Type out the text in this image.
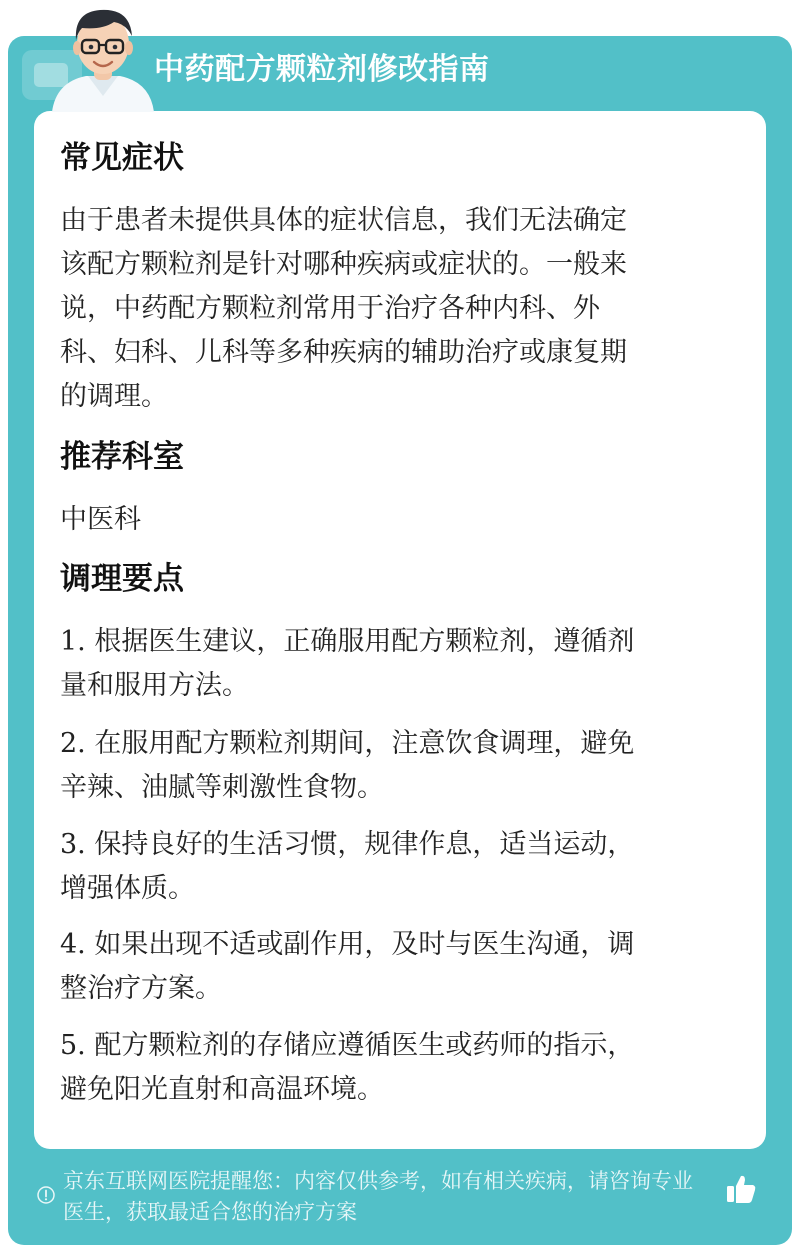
中药配方颗粒剂修改指南
常见症状
由于患者未提供具体的症状信息，我们无法确定
该配方颗粒剂是针对哪种疾病或症状的。一般来
说，中药配方颗粒剂常用于治疗各种内科、外
科、妇科、儿科等多种疾病的辅助治疗或康复期
的调理。
推荐科室
中医科
调理要点
1. 根据医生建议，正确服用配方颗粒剂，遵循剂
量和服用方法。
2. 在服用配方颗粒剂期间，注意饮食调理，避免
辛辣、油腻等刺激性食物。
3. 保持良好的生活习惯，规律作息，适当运动，
增强体质。
4. 如果出现不适或副作用，及时与医生沟通，调
整治疗方案。
5. 配方颗粒剂的存储应遵循医生或药师的指示，
避免阳光直射和高温环境。
京东互联网医院提醒您：内容仅供参考，如有相关疾病，请咨询专业
医生，获取最适合您的治疗方案
